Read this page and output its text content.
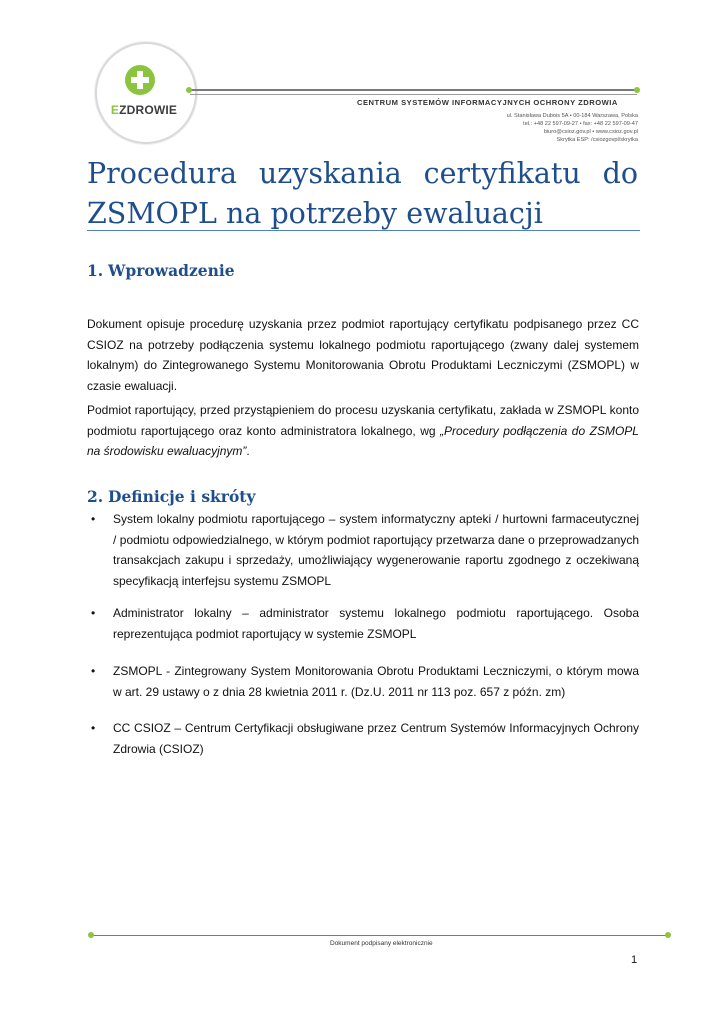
EZDROWIE
CENTRUM SYSTEMÓW INFORMACYJNYCH OCHRONY ZDROWIA
ul. Stanisława Dubois 5A • 00-184 Warszawa, Polska
tel.: +48 22 597-09-27 • fax: +48 22 597-09-47
biuro@csioz.gov.pl • www.csioz.gov.pl
Skrytka ESP: /csiozgovpl/skrytka
Procedura uzyskania certyfikatu do ZSMOPL na potrzeby ewaluacji
1. Wprowadzenie
Dokument opisuje procedurę uzyskania przez podmiot raportujący certyfikatu podpisanego przez CC CSIOZ na potrzeby podłączenia systemu lokalnego podmiotu raportującego (zwany dalej systemem lokalnym) do Zintegrowanego Systemu Monitorowania Obrotu Produktami Leczniczymi (ZSMOPL) w czasie ewaluacji.
Podmiot raportujący, przed przystąpieniem do procesu uzyskania certyfikatu, zakłada w ZSMOPL konto podmiotu raportującego oraz konto administratora lokalnego, wg „Procedury podłączenia do ZSMOPL na środowisku ewaluacyjnym”.
2. Definicje i skróty
• System lokalny podmiotu raportującego – system informatyczny apteki / hurtowni farmaceutycznej / podmiotu odpowiedzialnego, w którym podmiot raportujący przetwarza dane o przeprowadzanych transakcjach zakupu i sprzedaży, umożliwiający wygenerowanie raportu zgodnego z oczekiwaną specyfikacją interfejsu systemu ZSMOPL
• Administrator lokalny – administrator systemu lokalnego podmiotu raportującego. Osoba reprezentująca podmiot raportujący w systemie ZSMOPL
• ZSMOPL - Zintegrowany System Monitorowania Obrotu Produktami Leczniczymi, o którym mowa w art. 29 ustawy o z dnia 28 kwietnia 2011 r. (Dz.U. 2011 nr 113 poz. 657 z późn. zm)
• CC CSIOZ – Centrum Certyfikacji obsługiwane przez Centrum Systemów Informacyjnych Ochrony Zdrowia (CSIOZ)
Dokument podpisany elektronicznie
1
